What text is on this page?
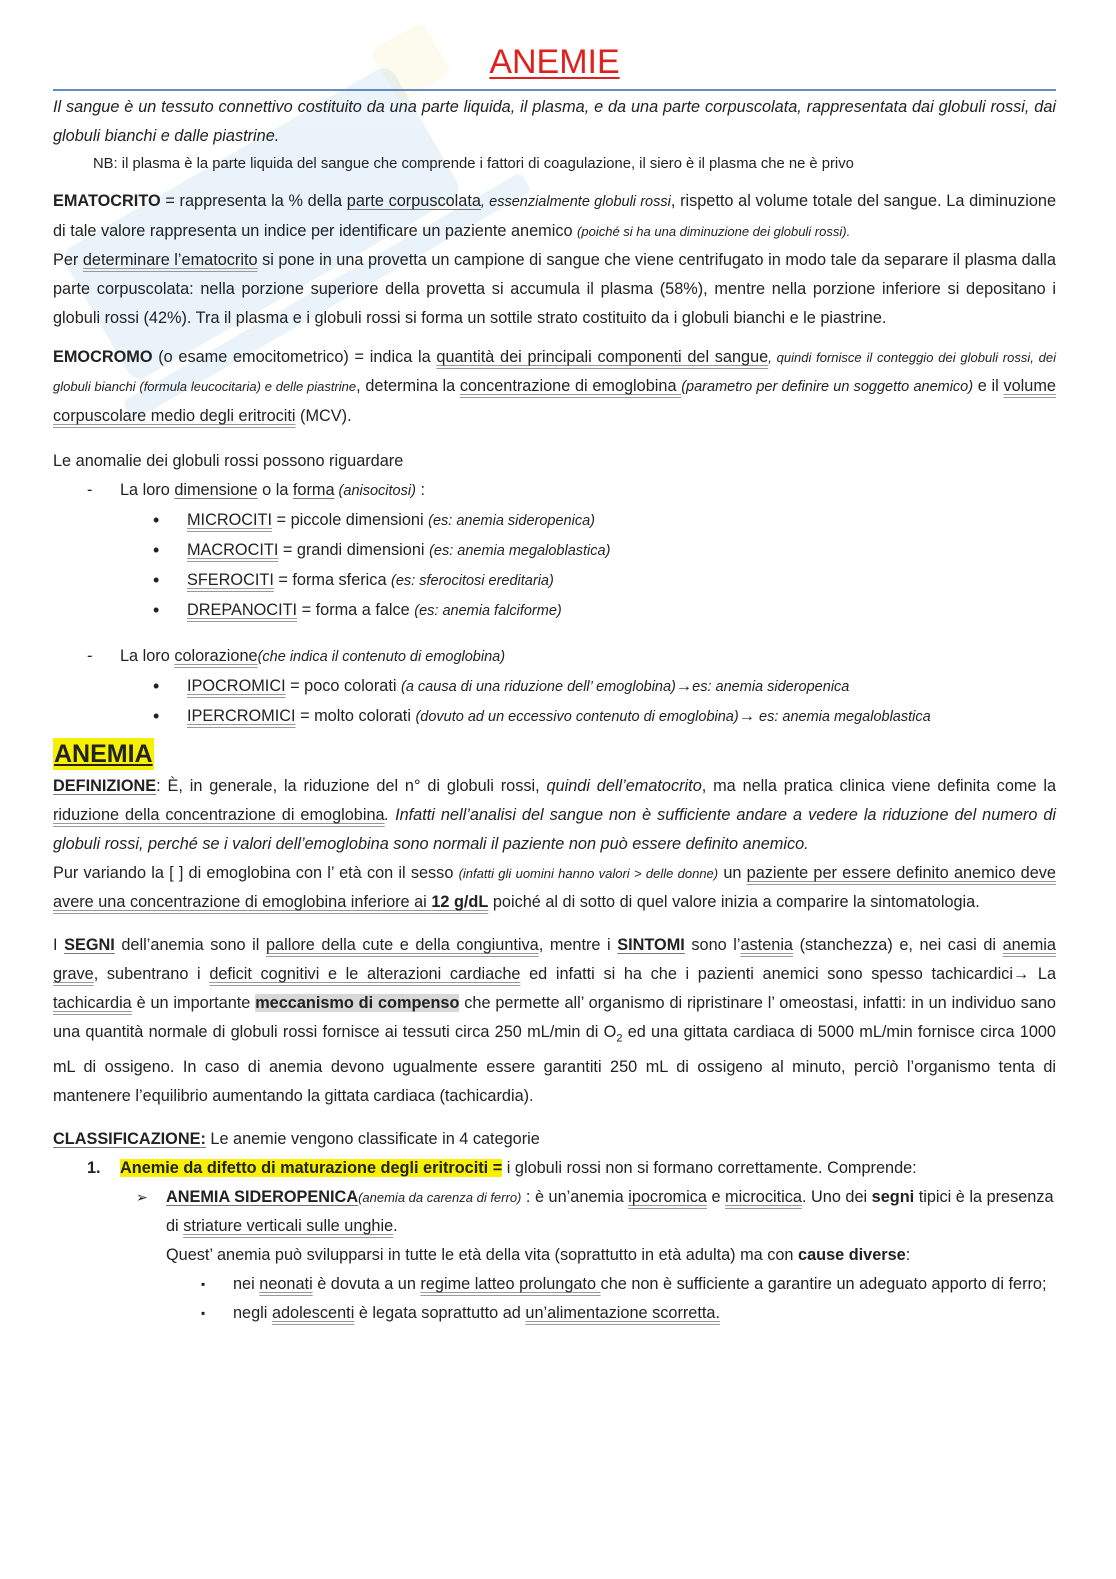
ANEMIE

Il sangue è un tessuto connettivo costituito da una parte liquida, il plasma, e da una parte corpuscolata, rappresentata dai globuli rossi, dai globuli bianchi e dalle piastrine.

NB: il plasma è la parte liquida del sangue che comprende i fattori di coagulazione, il siero è il plasma che ne è privo

EMATOCRITO = rappresenta la % della parte corpuscolata, essenzialmente globuli rossi, rispetto al volume totale del sangue. La diminuzione di tale valore rappresenta un indice per identificare un paziente anemico (poiché si ha una diminuzione dei globuli rossi).

Per determinare l’ematocrito si pone in una provetta un campione di sangue che viene centrifugato in modo tale da separare il plasma dalla parte corpuscolata: nella porzione superiore della provetta si accumula il plasma (58%), mentre nella porzione inferiore si depositano i globuli rossi (42%). Tra il plasma e i globuli rossi si forma un sottile strato costituito da i globuli bianchi e le piastrine.

EMOCROMO (o esame emocitometrico) = indica la quantità dei principali componenti del sangue, quindi fornisce il conteggio dei globuli rossi, dei globuli bianchi (formula leucocitaria) e delle piastrine, determina la concentrazione di emoglobina (parametro per definire un soggetto anemico) e il volume corpuscolare medio degli eritrociti (MCV).

Le anomalie dei globuli rossi possono riguardare

- La loro dimensione o la forma (anisocitosi) :
• MICROCITI = piccole dimensioni (es: anemia sideropenica)
• MACROCITI = grandi dimensioni (es: anemia megaloblastica)
• SFEROCITI = forma sferica (es: sferocitosi ereditaria)
• DREPANOCITI = forma a falce (es: anemia falciforme)
- La loro colorazione(che indica il contenuto di emoglobina)
• IPOCROMICI = poco colorati (a causa di una riduzione dell’ emoglobina)→es: anemia sideropenica
• IPERCROMICI = molto colorati (dovuto ad un eccessivo contenuto di emoglobina)→ es: anemia megaloblastica
ANEMIA

DEFINIZIONE: È, in generale, la riduzione del n° di globuli rossi, quindi dell’ematocrito, ma nella pratica clinica viene definita come la riduzione della concentrazione di emoglobina. Infatti nell’analisi del sangue non è sufficiente andare a vedere la riduzione del numero di globuli rossi, perché se i valori dell’emoglobina sono normali il paziente non può essere definito anemico.

Pur variando la [ ] di emoglobina con l’ età con il sesso (infatti gli uomini hanno valori > delle donne) un paziente per essere definito anemico deve avere una concentrazione di emoglobina inferiore ai 12 g/dL poiché al di sotto di quel valore inizia a comparire la sintomatologia.

I SEGNI dell’anemia sono il pallore della cute e della congiuntiva, mentre i SINTOMI sono l’astenia (stanchezza) e, nei casi di anemia grave, subentrano i deficit cognitivi e le alterazioni cardiache ed infatti si ha che i pazienti anemici sono spesso tachicardici→ La tachicardia è un importante meccanismo di compenso che permette all’ organismo di ripristinare l’ omeostasi, infatti: in un individuo sano una quantità normale di globuli rossi fornisce ai tessuti circa 250 mL/min di $O_2$ ed una gittata cardiaca di 5000 mL/min fornisce circa 1000 mL di ossigeno. In caso di anemia devono ugualmente essere garantiti 250 mL di ossigeno al minuto, perciò l’organismo tenta di mantenere l’equilibrio aumentando la gittata cardiaca (tachicardia).

CLASSIFICAZIONE: Le anemie vengono classificate in 4 categorie

1. Anemie da difetto di maturazione degli eritrociti = i globuli rossi non si formano correttamente. Comprende:
➢ ANEMIA SIDEROPENICA(anemia da carenza di ferro) : è un’anemia ipocromica e microcitica. Uno dei segni tipici è la presenza di striature verticali sulle unghie.
Quest’ anemia può svilupparsi in tutte le età della vita (soprattutto in età adulta) ma con cause diverse:
▪ nei neonati è dovuta a un regime latteo prolungato che non è sufficiente a garantire un adeguato apporto di ferro;
▪ negli adolescenti è legata soprattutto ad un’alimentazione scorretta.
